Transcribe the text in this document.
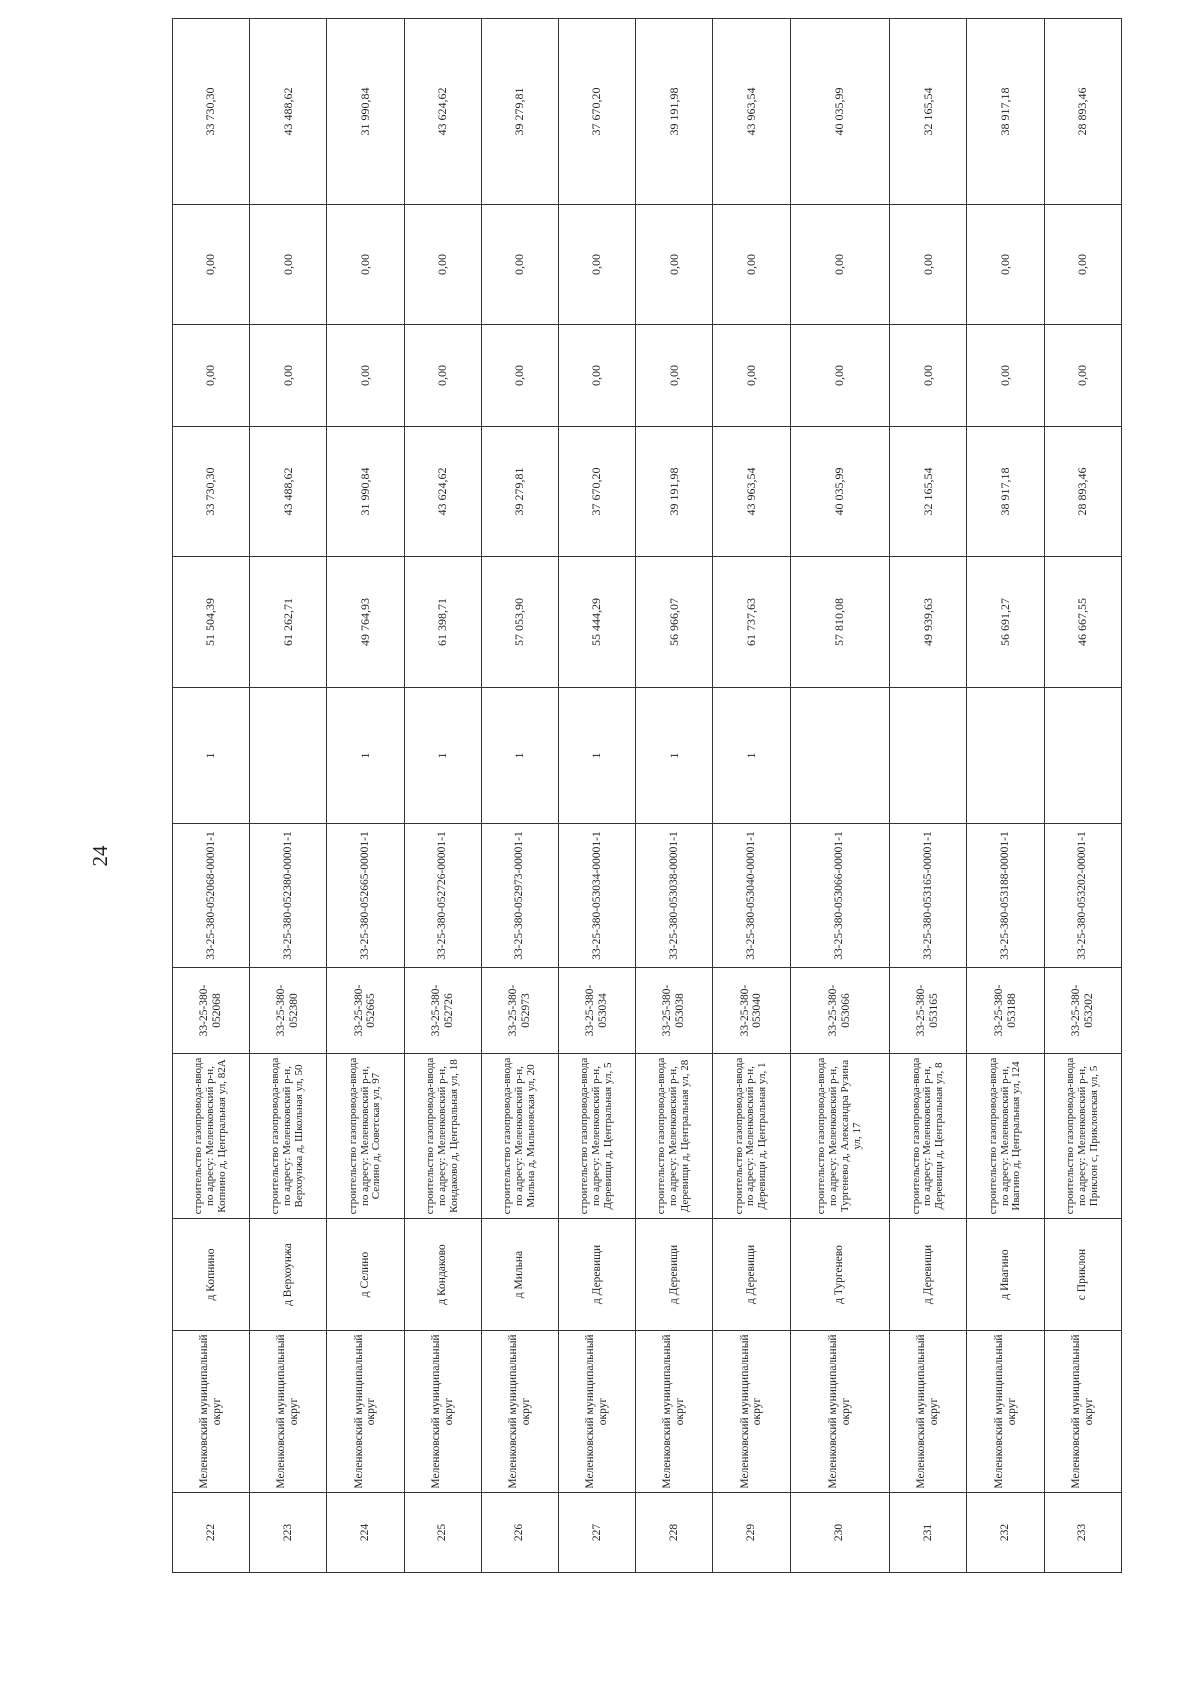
24
222	Меленковский муниципальный округ	д Копнино	строительство газопровода-ввода по адресу: Меленковский р-н, Копнино д, Центральная ул, 82А	33-25-380-052068	33-25-380-052068-00001-1	1	51 504,39	33 730,30	0,00	0,00	33 730,30	
223	Меленковский муниципальный округ	д Верхоунжа	строительство газопровода-ввода по адресу: Меленковский р-н, Верхоунжа д, Школьная ул, 50	33-25-380-052380	33-25-380-052380-00001-1		61 262,71	43 488,62	0,00	0,00	43 488,62	
224	Меленковский муниципальный округ	д Селино	строительство газопровода-ввода по адресу: Меленковский р-н, Селино д, Советская ул, 97	33-25-380-052665	33-25-380-052665-00001-1	1	49 764,93	31 990,84	0,00	0,00	31 990,84	
225	Меленковский муниципальный округ	д Кондаково	строительство газопровода-ввода по адресу: Меленковский р-н, Кондаково д, Центральная ул, 18	33-25-380-052726	33-25-380-052726-00001-1	1	61 398,71	43 624,62	0,00	0,00	43 624,62	
226	Меленковский муниципальный округ	д Мильна	строительство газопровода-ввода по адресу: Меленковский р-н, Мильна д, Мильновская ул, 20	33-25-380-052973	33-25-380-052973-00001-1	1	57 053,90	39 279,81	0,00	0,00	39 279,81	
227	Меленковский муниципальный округ	д Деревищи	строительство газопровода-ввода по адресу: Меленковский р-н, Деревищи д, Центральная ул, 5	33-25-380-053034	33-25-380-053034-00001-1	1	55 444,29	37 670,20	0,00	0,00	37 670,20	
228	Меленковский муниципальный округ	д Деревищи	строительство газопровода-ввода по адресу: Меленковский р-н, Деревищи д, Центральная ул, 28	33-25-380-053038	33-25-380-053038-00001-1	1	56 966,07	39 191,98	0,00	0,00	39 191,98	
229	Меленковский муниципальный округ	д Деревищи	строительство газопровода-ввода по адресу: Меленковский р-н, Деревищи д, Центральная ул, 1	33-25-380-053040	33-25-380-053040-00001-1	1	61 737,63	43 963,54	0,00	0,00	43 963,54	
230	Меленковский муниципальный округ	д Тургенево	строительство газопровода-ввода по адресу: Меленковский р-н, Тургенево д, Александра Рузина ул, 17	33-25-380-053066	33-25-380-053066-00001-1		57 810,08	40 035,99	0,00	0,00	40 035,99	
231	Меленковский муниципальный округ	д Деревищи	строительство газопровода-ввода по адресу: Меленковский р-н, Деревищи д, Центральная ул, 8	33-25-380-053165	33-25-380-053165-00001-1		49 939,63	32 165,54	0,00	0,00	32 165,54	
232	Меленковский муниципальный округ	д Ивагино	строительство газопровода-ввода по адресу: Меленковский р-н, Ивагино д, Центральная ул, 124	33-25-380-053188	33-25-380-053188-00001-1		56 691,27	38 917,18	0,00	0,00	38 917,18	
233	Меленковский муниципальный округ	с Приклон	строительство газопровода-ввода по адресу: Меленковский р-н, Приклон с, Приклонская ул, 5	33-25-380-053202	33-25-380-053202-00001-1		46 667,55	28 893,46	0,00	0,00	28 893,46	
